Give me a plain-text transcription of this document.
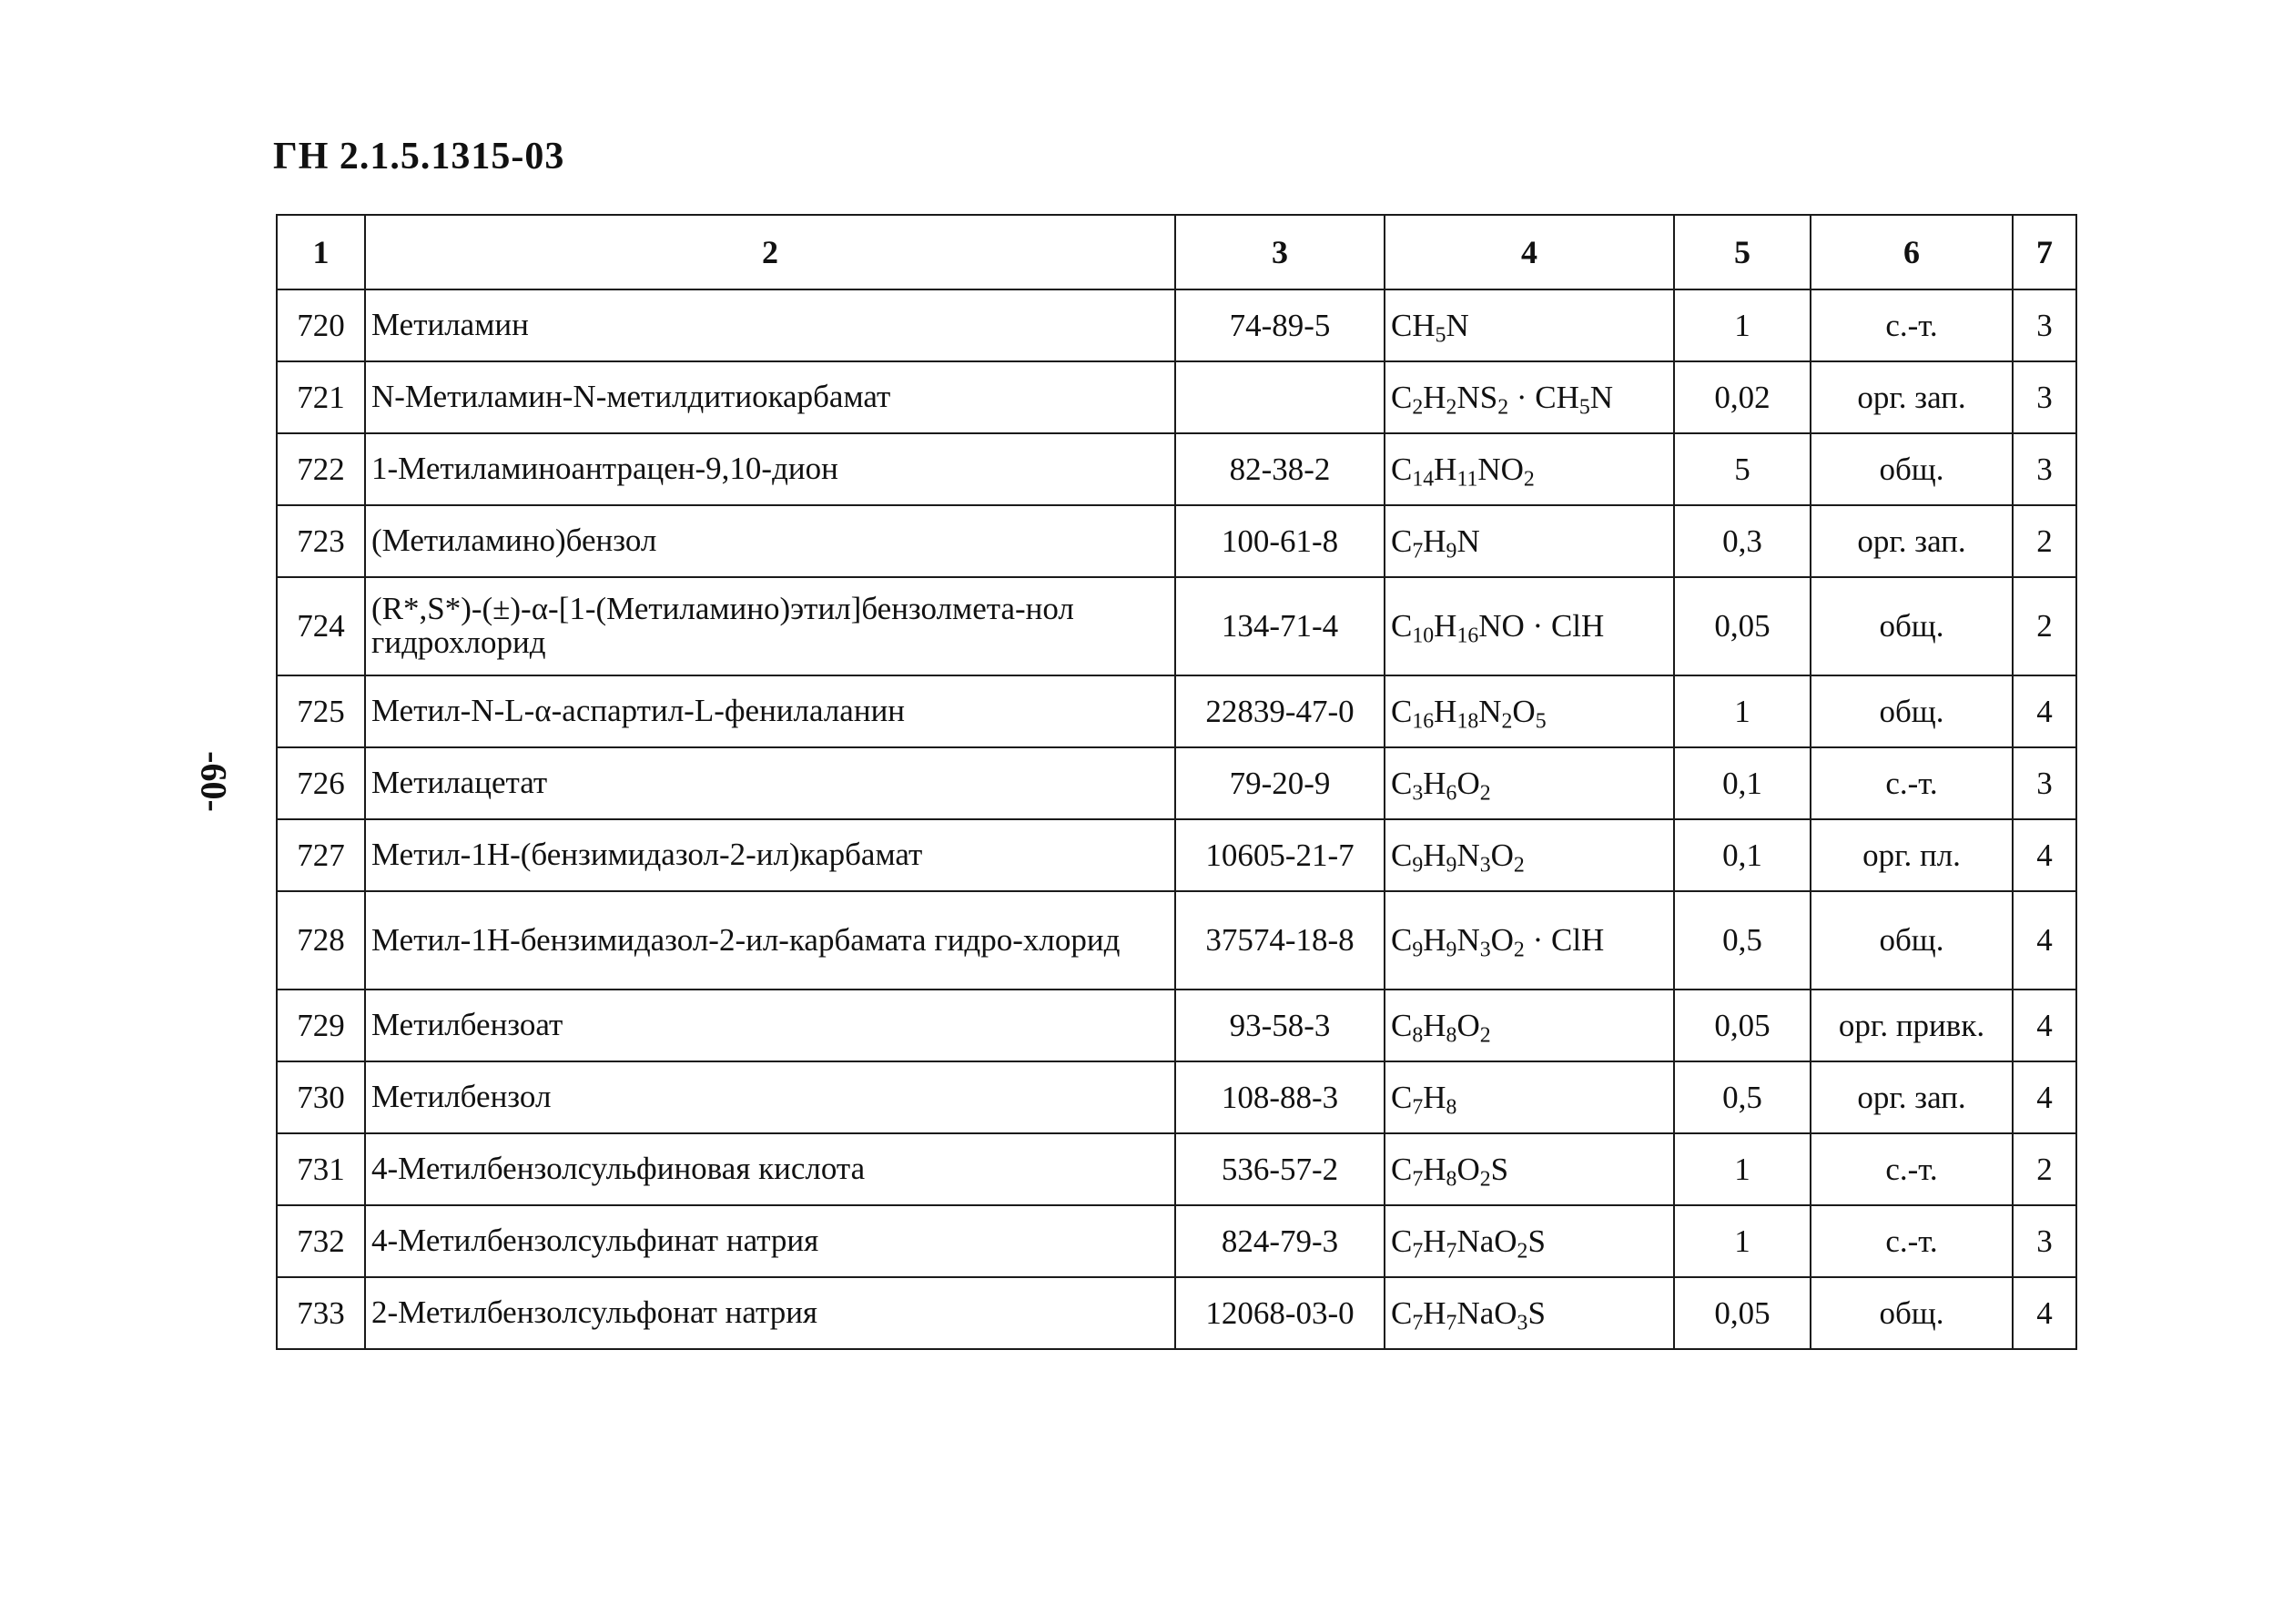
ГН 2.1.5.1315-03
-60-
1	2	3	4	5	6	7
720	Метиламин	74-89-5	$CH_5N$	1	с.-т.	3
721	N-Метиламин-N-метилдитиокарбамат		$C_2H_2NS_2 \cdot CH_5N$	0,02	орг. зап.	3
722	1-Метиламиноантрацен-9,10-дион	82-38-2	$C_{14}H_{11}NO_2$	5	общ.	3
723	(Метиламино)бензол	100-61-8	$C_7H_9N$	0,3	орг. зап.	2
724	(R*,S*)-(±)-α-[1-(Метиламино)этил]бензолмета-нол гидрохлорид	134-71-4	$C_{10}H_{16}NO$ · ClH	0,05	общ.	2
725	Метил-N-L-α-аспартил-L-фенилаланин	22839-47-0	$C_{16}H_{18}N_2O_5$	1	общ.	4
726	Метилацетат	79-20-9	$C_3H_6O_2$	0,1	с.-т.	3
727	Метил-1Н-(бензимидазол-2-ил)карбамат	10605-21-7	$C_9H_9N_3O_2$	0,1	орг. пл.	4
728	Метил-1Н-бензимидазол-2-ил-карбамата гидро-хлорид	37574-18-8	$C_9H_9N_3O_2$ · ClH	0,5	общ.	4
729	Метилбензоат	93-58-3	$C_8H_8O_2$	0,05	орг. привк.	4
730	Метилбензол	108-88-3	$C_7H_8$	0,5	орг. зап.	4
731	4-Метилбензолсульфиновая кислота	536-57-2	$C_7H_8O_2S$	1	с.-т.	2
732	4-Метилбензолсульфинат натрия	824-79-3	$C_7H_7NaO_2S$	1	с.-т.	3
733	2-Метилбензолсульфонат натрия	12068-03-0	$C_7H_7NaO_3S$	0,05	общ.	4
